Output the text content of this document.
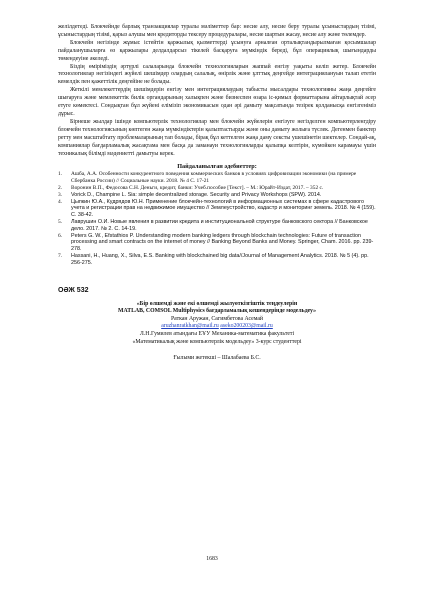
желілдетеді. Блокчейнде барлық транзакциялар туралы мәліметтер бар: несие алу, несие беру туралы ұсыныстардың тізімі, ұсыныстардың тізімі, қарыз алушы мен кредиторды тексеру процедуралары, несие шартын жасау, несие алу және төлемдер.

Блокчейн негізінде жұмыс істейтін қаржылық қызметтерді ұсынуға арналған орталықтандырылмаған қосымшалар пайдаланушыларға өз қаржылары делдалдарсыз тікелей басқаруға мүмкіндік береді, бұл операциялық шығындарды төмендеуіне әкеледі.

Біздің өміріміздің әртүрлі салаларында блокчейн технологияларын жаппай енгізу уақыты келіп жетер. Блокчейн технологиялар негізіндегі жүйелі шешімдер олардың салалық, өнірлік және ұлттық деңгейде интеграциялануын талап ететін кемелдік пен қажеттілік деңгейіне не болады.

Жеткілі мемлекеттердің шешімдерін енгізу мен интеграциялаудың табысты мысалдары технологияны жаңа деңгейге шығаруға және мемлекеттік билік органдарының халықпен және бизнеспен өзара іс-қимыл форматтарына айтарлықтай әсер етуге көмектесі. Сондықтан бұл жүйені елімізіп экономикасын одан әрі дамыту мақсатында тезірек қолданысқа енгізгеніміз дұрыс.

Бірнеше жылдар ішінде компьютерлік технологиялар мен блокчейн жүйелерін енгізуге негізделген компьютерленгдіру блокчейн технологиясының көптеген жаңа мүмкіндіктерін қалыптастырды және оны дамыту жолыға түслек. Дегенмен банктер ретту мен масштабтату проблемаларының тап болады, бірақ бұл кеттелген жаңа даму сексты ушешінетін шектелер. Сондай-ақ, компаниялар бағдарламалық жасақтама мен басқа да заманауи технологияларды қалыпқа келтірін, күмойкен карамауы үшін техникалық білімді мәдениетті дамытуы керек.

Пайдаланылған әдебиеттер:
1.	Ашба, А.А. Особенности конкурентного поведения коммерческих банков в условиях цифровизации экономики (на примере Сбербанка России) // Социальные науки. 2018. № 4 С. 17-21
2.	Воронин В.П., Федосова С.Н. Деньги, кредит, банки: Учеб.пособие [Текст]. – М.: Юрайт-Издат, 2017. – 352 с.
3.	Vorick D., Champine L. Sia: simple decentralized storage. Security and Privacy Workshops (SPW). 2014.
4.	Цыпкин Ю.А., Кудрядов Ю.Н. Применение блокчейн-технологий в информационных системах в сфере кадастрового учета и регистрации прав на недвижимое имущество // Землеустройство, кадастр и мониторинг земель. 2018. № 4 (159). С. 38-42.
5.	Лаврушин О.И. Новые явления в развитии кредита и институциональной структуре банковского сектора // Банковское дело. 2017. № 2. С. 14-19.
6.	Peters G. W., Efstathios P. Understanding modern banking ledgers through blockchain technologies: Future of transaction processing and smart contracts on the internet of money // Banking Beyond Banks and Money. Springer, Cham. 2016. pp. 239-278.
7.	Hassani, H., Huang, X., Silva, E.S. Banking with blockchained big data//Journal of Management Analytics. 2018. № 5 (4). pp. 256-275.
ОӘЖ 532
«Бір өлшемді және екі өлшемді жылуөткізгіштік теңдеулерін
MATLAB, COMSOL Multiphysics бағдарламалық кешендерінде модельдеу»
Раткан Аружан, Сагимбетова Асемай
aruzhanratkhan@mail.ru aseko200203@mail.ru
Л.Н.Гумилев атындағы ЕҰУ Механика-математика факультеті
«Математикалық және компьютерлік модельдеу» 3-курс студенттері
Ғылыми жетекші – Шалабаева Б.С.
1683
